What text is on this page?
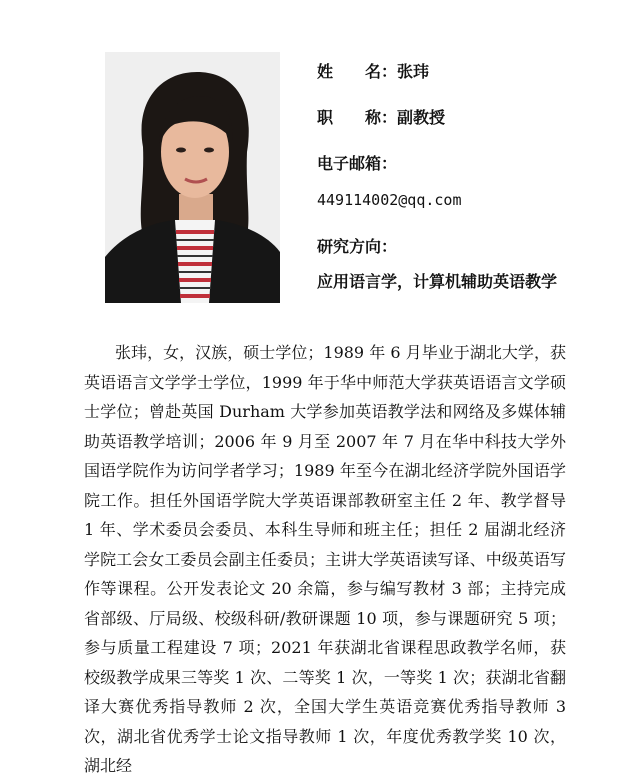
姓　　名：张玮
职　　称：副教授
电子邮箱：
449114002@qq.com
研究方向：
应用语言学，计算机辅助英语教学

张玮，女，汉族，硕士学位；1989 年 6 月毕业于湖北大学，获英语语言文学学士学位，1999 年于华中师范大学获英语语言文学硕士学位；曾赴英国 Durham 大学参加英语教学法和网络及多媒体辅助英语教学培训；2006 年 9 月至 2007 年 7 月在华中科技大学外国语学院作为访问学者学习；1989 年至今在湖北经济学院外国语学院工作。担任外国语学院大学英语课部教研室主任 2 年、教学督导 1 年、学术委员会委员、本科生导师和班主任；担任 2 届湖北经济学院工会女工委员会副主任委员；主讲大学英语读写译、中级英语写作等课程。公开发表论文 20 余篇，参与编写教材 3 部；主持完成省部级、厅局级、校级科研/教研课题 10 项，参与课题研究 5 项；参与质量工程建设 7 项；2021 年获湖北省课程思政教学名师，获校级教学成果三等奖 1 次、二等奖 1 次，一等奖 1 次；获湖北省翻译大赛优秀指导教师 2 次，全国大学生英语竞赛优秀指导教师 3 次，湖北省优秀学士论文指导教师 1 次，年度优秀教学奖 10 次，湖北经
